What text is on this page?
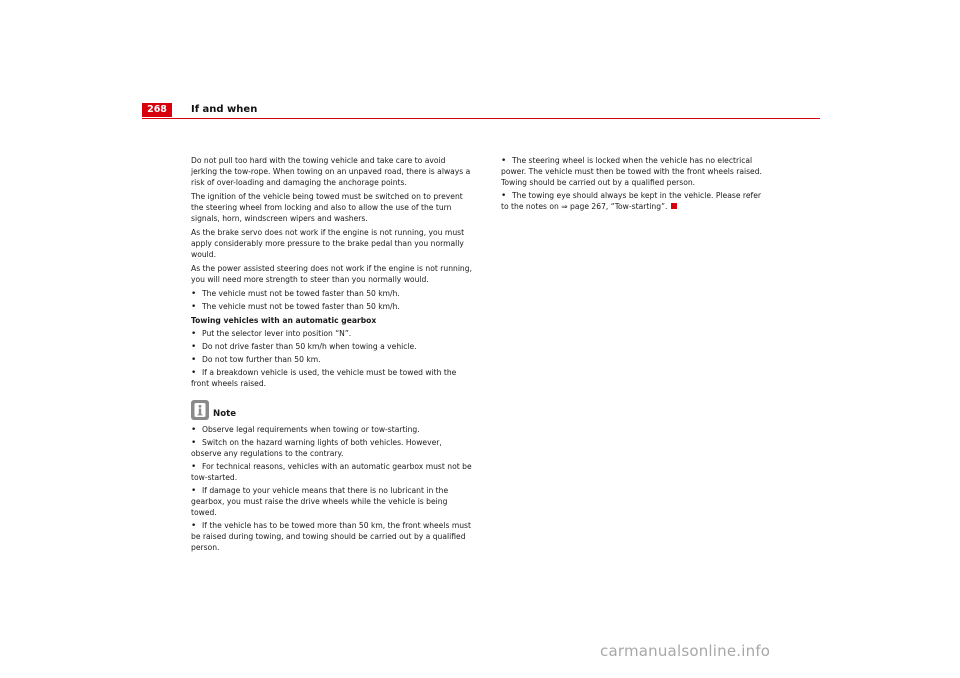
268	If and when

Do not pull too hard with the towing vehicle and take care to avoid jerking the tow-rope. When towing on an unpaved road, there is always a risk of over-loading and damaging the anchorage points.

The ignition of the vehicle being towed must be switched on to prevent the steering wheel from locking and also to allow the use of the turn signals, horn, windscreen wipers and washers.

As the brake servo does not work if the engine is not running, you must apply considerably more pressure to the brake pedal than you normally would.

As the power assisted steering does not work if the engine is not running, you will need more strength to steer than you normally would.

• The vehicle must not be towed faster than 50 km/h.
• The vehicle must not be towed faster than 50 km/h.
Towing vehicles with an automatic gearbox
• Put the selector lever into position “N”.
• Do not drive faster than 50 km/h when towing a vehicle.
• Do not tow further than 50 km.
• If a breakdown vehicle is used, the vehicle must be towed with the front wheels raised.
Note
• Observe legal requirements when towing or tow-starting.
• Switch on the hazard warning lights of both vehicles. However, observe any regulations to the contrary.
• For technical reasons, vehicles with an automatic gearbox must not be tow-started.
• If damage to your vehicle means that there is no lubricant in the gearbox, you must raise the drive wheels while the vehicle is being towed.
• If the vehicle has to be towed more than 50 km, the front wheels must be raised during towing, and towing should be carried out by a qualified person.
• The steering wheel is locked when the vehicle has no electrical power. The vehicle must then be towed with the front wheels raised. Towing should be carried out by a qualified person.
• The towing eye should always be kept in the vehicle. Please refer to the notes on ⇒ page 267, “Tow-starting”.
carmanualsonline.info
